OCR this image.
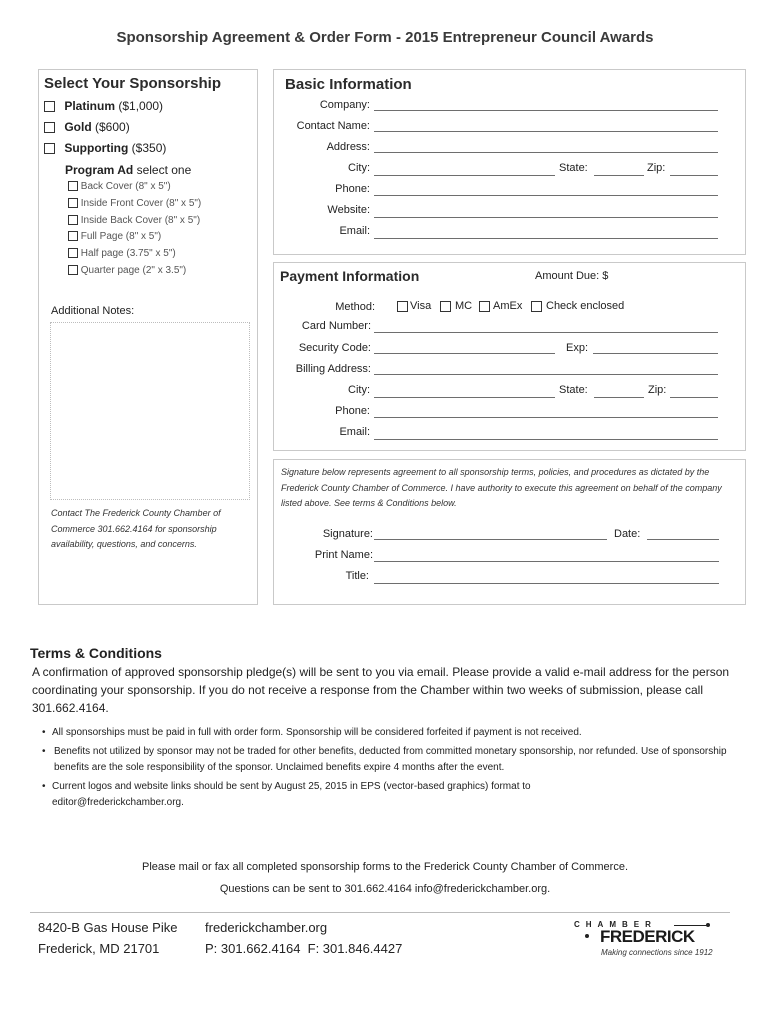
Sponsorship Agreement & Order Form - 2015 Entrepreneur Council Awards
Select Your Sponsorship
Platinum ($1,000)
Gold ($600)
Supporting ($350)
Program Ad select one
Back Cover (8" x 5")
Inside Front Cover (8" x 5")
Inside Back Cover (8" x 5")
Full Page (8" x 5")
Half page (3.75" x 5")
Quarter page (2" x 3.5")
Additional Notes:
Contact The Frederick County Chamber of Commerce 301.662.4164 for sponsorship availability, questions, and concerns.
Basic Information
Company:
Contact Name:
Address:
City:	State:	Zip:
Phone:
Website:
Email:
Payment Information	Amount Due: $
Method:	Visa	MC	AmEx	Check enclosed
Card Number:
Security Code:	Exp:
Billing Address:
City:	State:	Zip:
Phone:
Email:
Signature below represents agreement to all sponsorship terms, policies, and procedures as dictated by the Frederick County Chamber of Commerce. I have authority to execute this agreement on behalf of the company listed above. See terms & Conditions below.
Signature:	Date:
Print Name:
Title:
Terms & Conditions
A confirmation of approved sponsorship pledge(s) will be sent to you via email. Please provide a valid e-mail address for the person coordinating your sponsorship. If you do not receive a response from the Chamber within two weeks of submission, please call 301.662.4164.
• All sponsorships must be paid in full with order form. Sponsorship will be considered forfeited if payment is not received.
• Benefits not utilized by sponsor may not be traded for other benefits, deducted from committed monetary sponsorship, nor refunded. Use of sponsorship benefits are the sole responsibility of the sponsor. Unclaimed benefits expire 4 months after the event.
• Current logos and website links should be sent by August 25, 2015 in EPS (vector-based graphics) format to editor@frederickchamber.org.
Please mail or fax all completed sponsorship forms to the Frederick County Chamber of Commerce.
Questions can be sent to 301.662.4164 info@frederickchamber.org.
8420-B Gas House Pike
Frederick, MD 21701
frederickchamber.org
P: 301.662.4164  F: 301.846.4427
CHAMBER
FREDERICK
Making connections since 1912
